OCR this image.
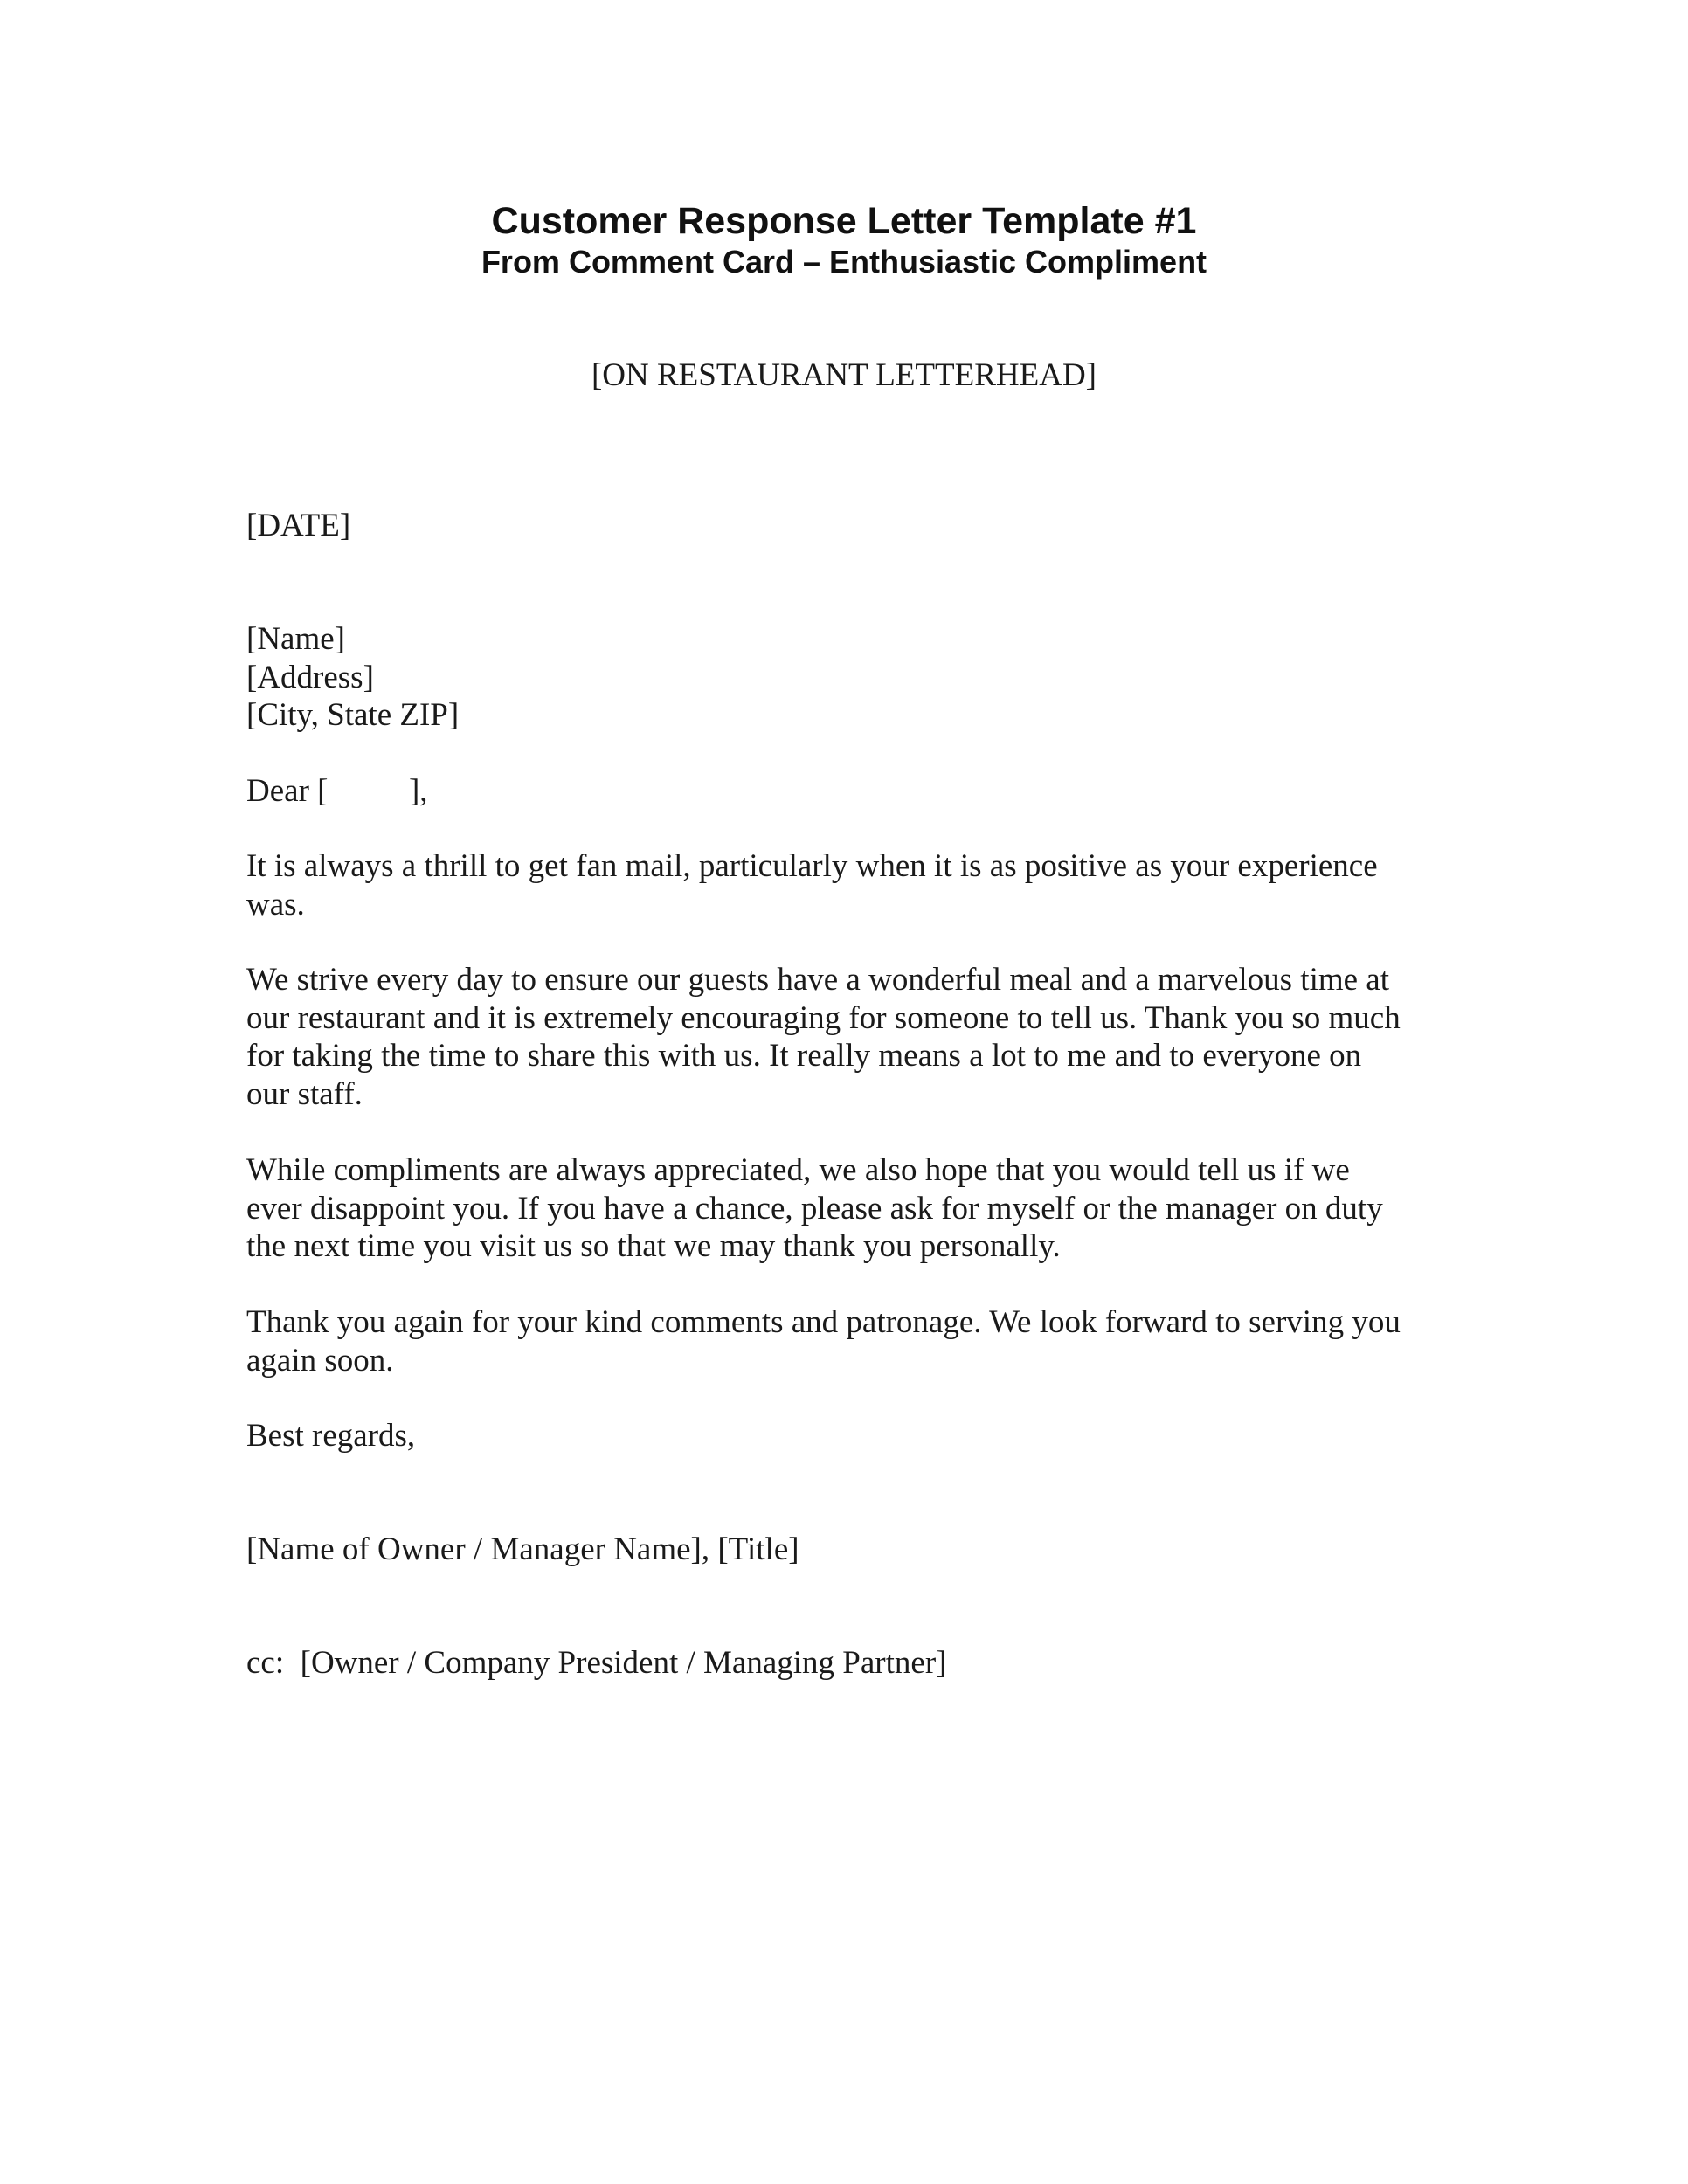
Customer Response Letter Template #1
From Comment Card – Enthusiastic Compliment
[ON RESTAURANT LETTERHEAD]
[DATE]
[Name]
[Address]
[City, State ZIP]
Dear [          ],
It is always a thrill to get fan mail, particularly when it is as positive as your experience
was.
We strive every day to ensure our guests have a wonderful meal and a marvelous time at
our restaurant and it is extremely encouraging for someone to tell us. Thank you so much
for taking the time to share this with us. It really means a lot to me and to everyone on
our staff.
While compliments are always appreciated, we also hope that you would tell us if we
ever disappoint you. If you have a chance, please ask for myself or the manager on duty
the next time you visit us so that we may thank you personally.
Thank you again for your kind comments and patronage. We look forward to serving you
again soon.
Best regards,
[Name of Owner / Manager Name], [Title]
cc:  [Owner / Company President / Managing Partner]
